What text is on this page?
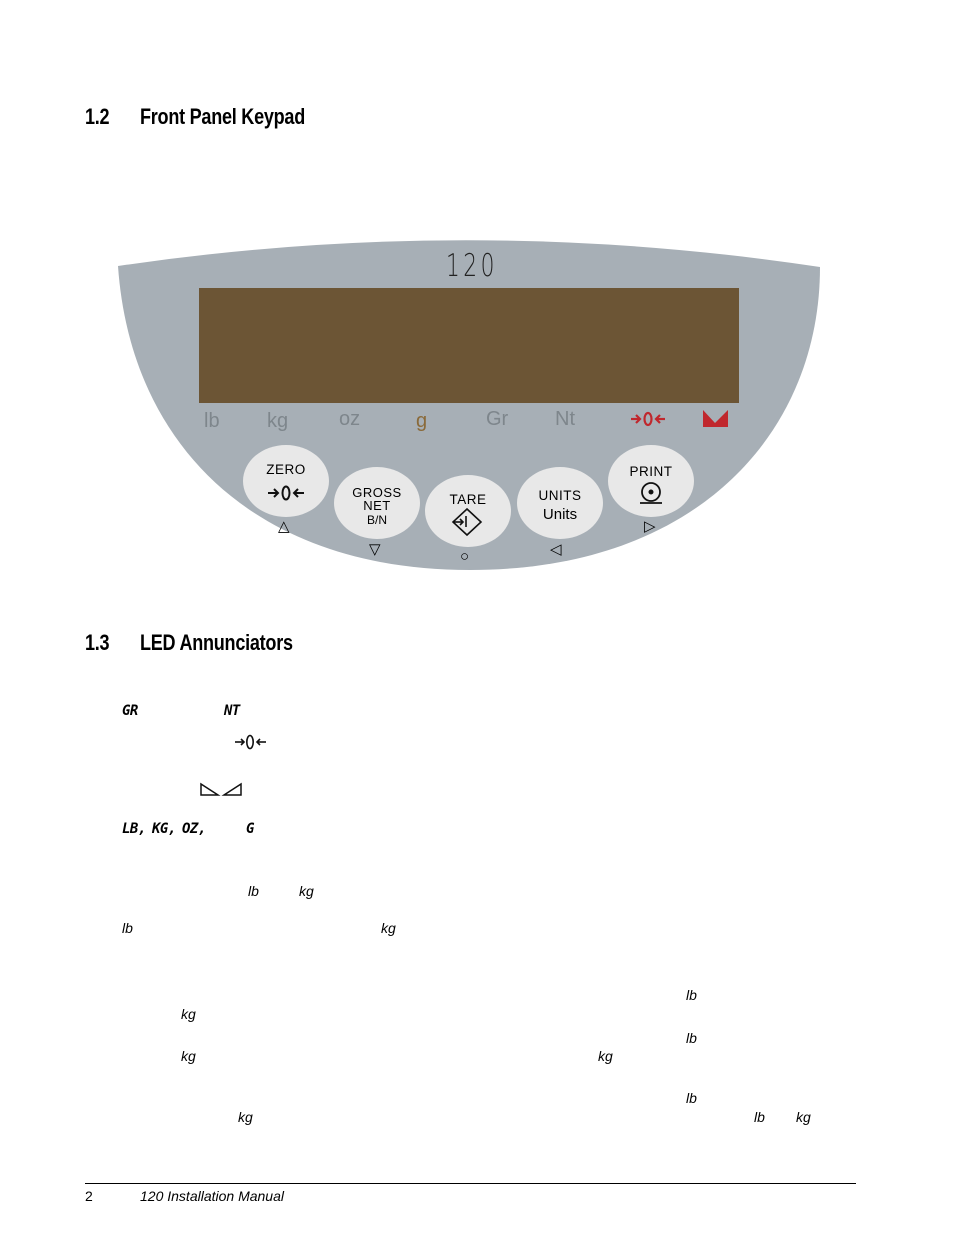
1.2 Front Panel Keypad
120
lb kg	oz	g	Gr Nt
ZERO
GROSS
NET
B/N
TARE	UNITS
Units
PRINT
△
▽	○	◁
▷
1.3 LED Annunciators
GR	NT
LB, KG, OZ,	G
lb	kg
lb	kg
lb
kg
lb
kg	kg
lb
kg	lb kg
2	120 Installation Manual
